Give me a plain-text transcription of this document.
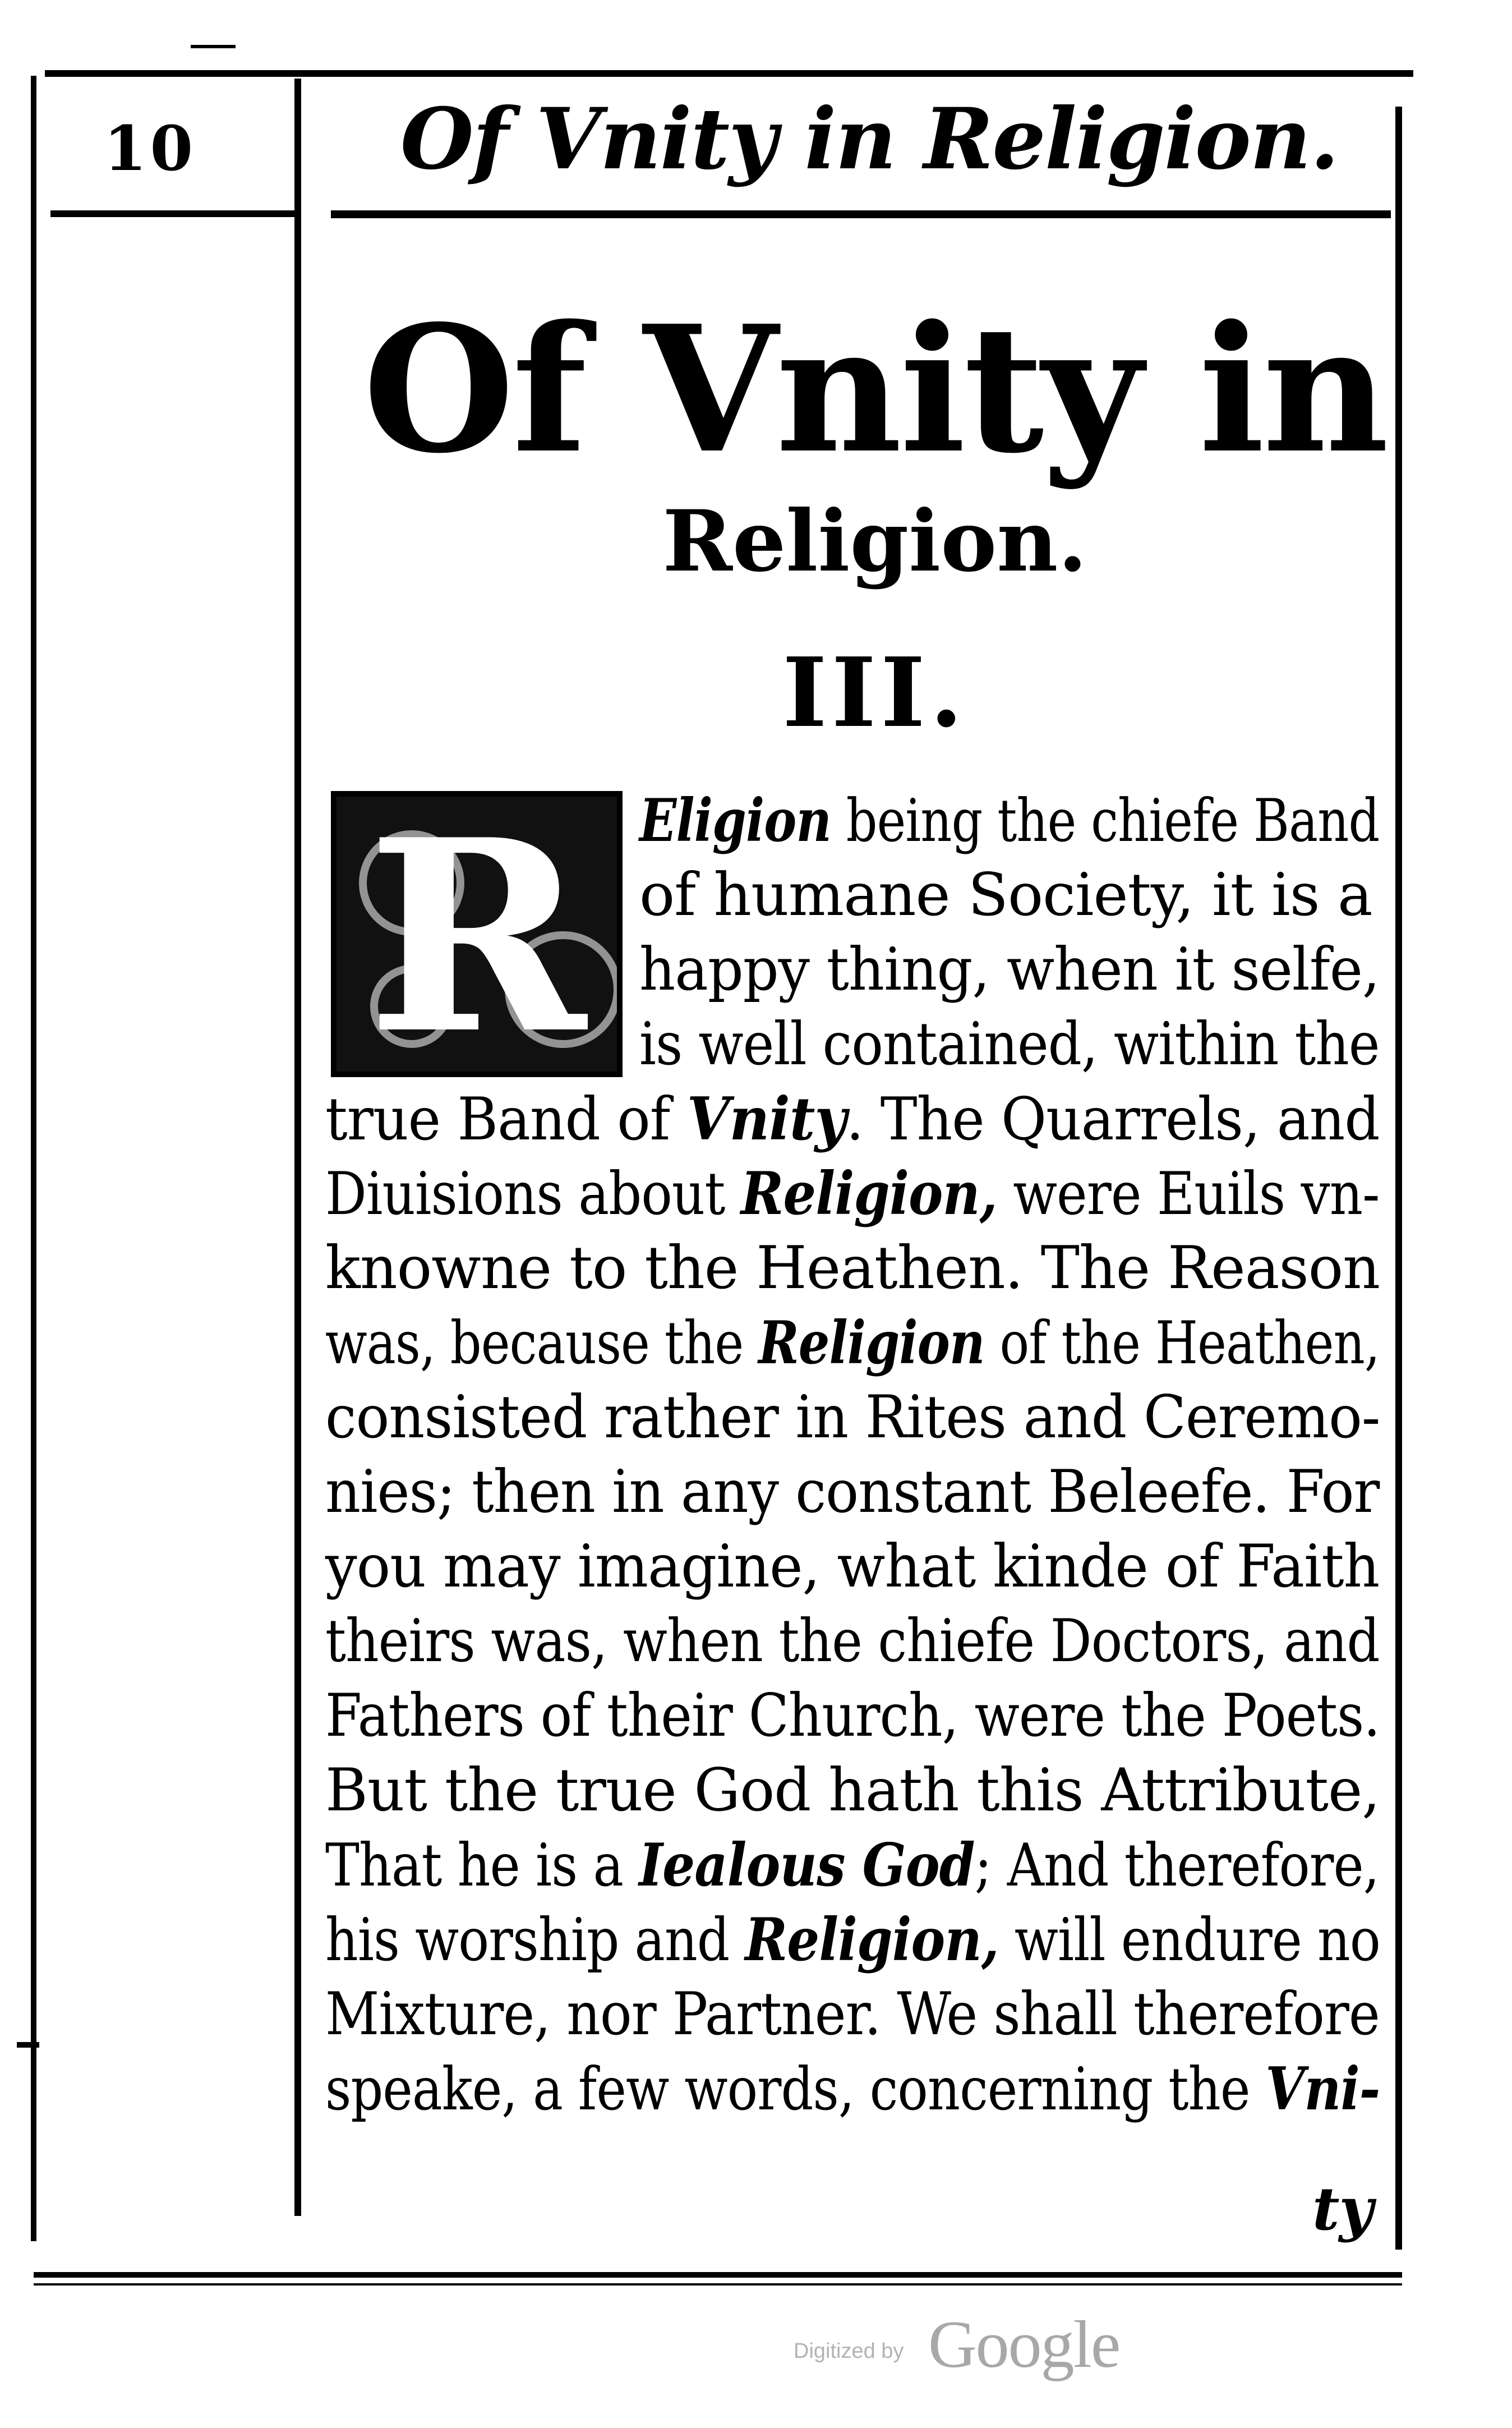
10	Of Vnity in Religion.
Of Vnity in
Religion.
III.
R Eligion being the chiefe Band
of humane Society, it is a
happy thing, when it selfe,
is well contained, within the
true Band of Vnity. The Quarrels, and
Diuisions about Religion, were Euils vn-
knowne to the Heathen. The Reason
was, because the Religion of the Heathen,
consisted rather in Rites and Ceremo-
nies; then in any constant Beleefe. For
you may imagine, what kinde of Faith
theirs was, when the chiefe Doctors, and
Fathers of their Church, were the Poets.
But the true God hath this Attribute,
That he is a Iealous God; And therefore,
his worship and Religion, will endure no
Mixture, nor Partner. We shall therefore
speake, a few words, concerning the Vni-
ty
Digitized by Google
